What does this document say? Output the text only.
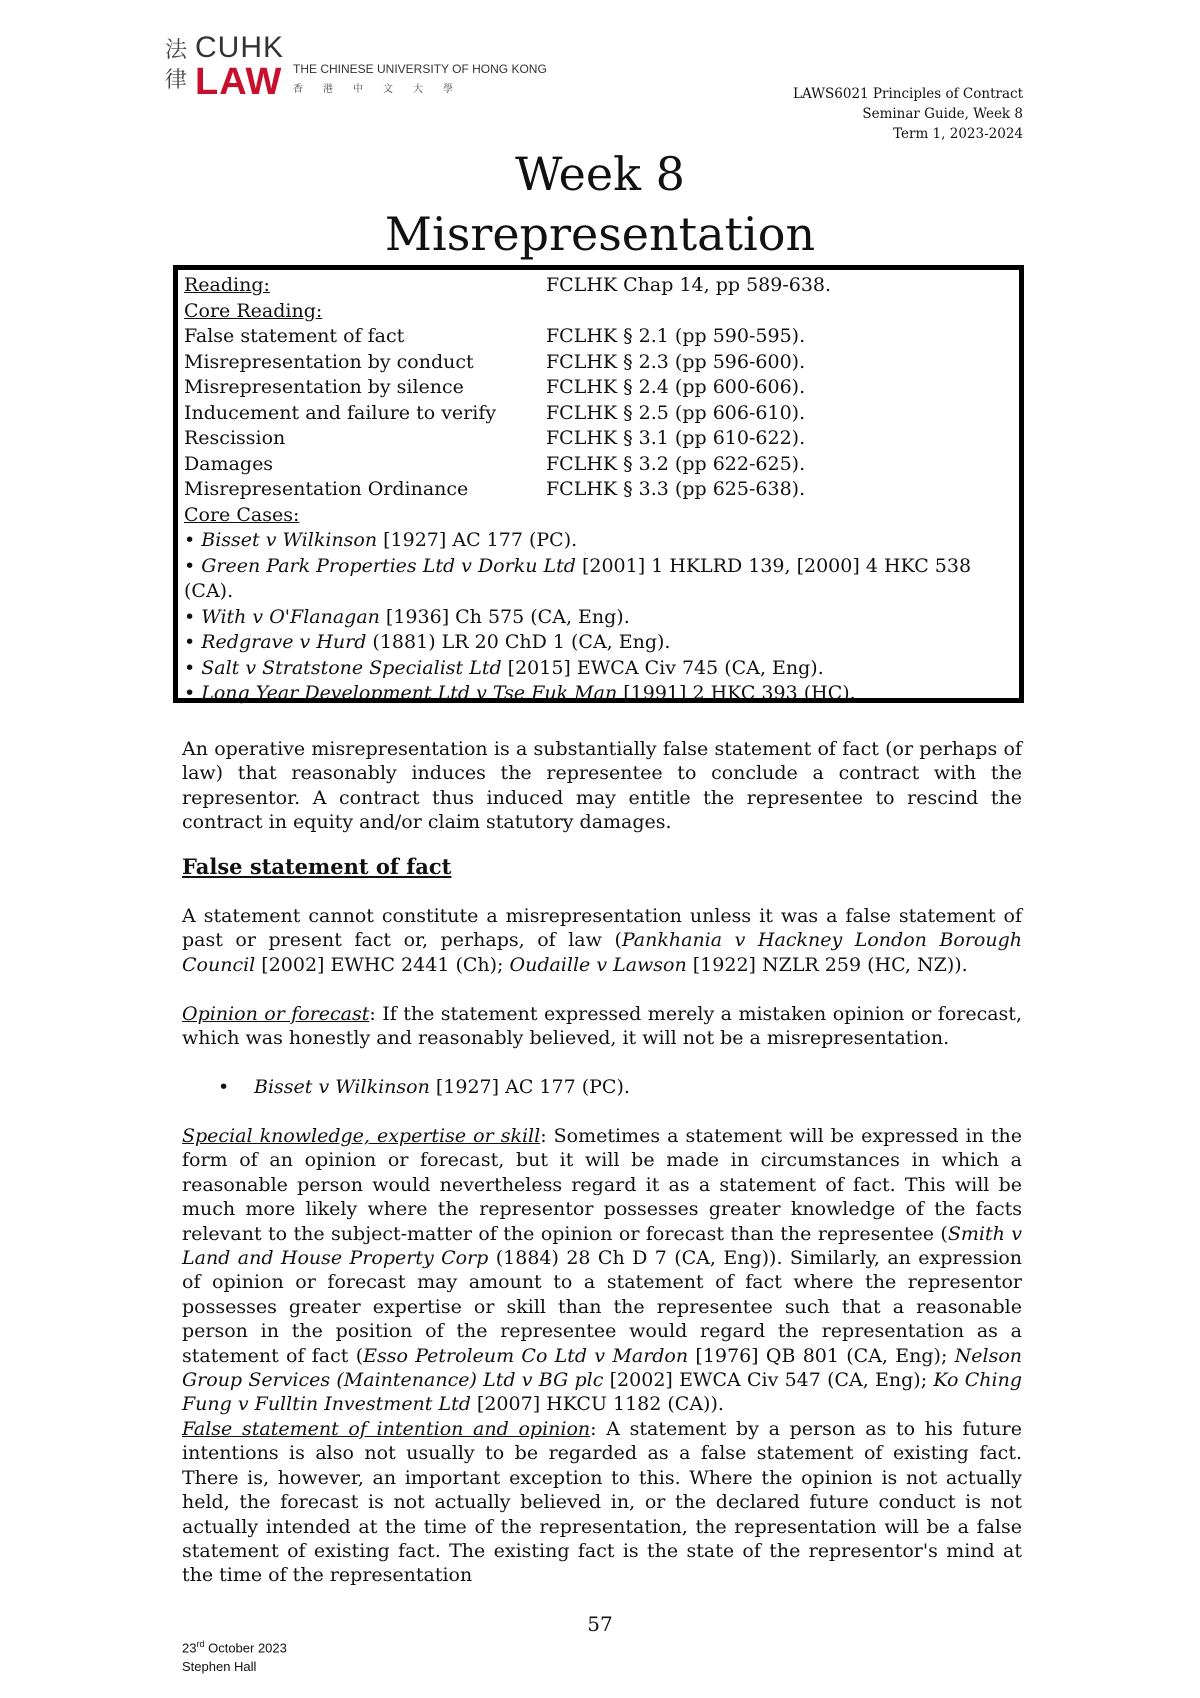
法律
CUHK
LAW THE CHINESE UNIVERSITY OF HONG KONG
香港中文大學	LAWS6021 Principles of Contract
Seminar Guide, Week 8
Term 1, 2023-2024
Week 8
Misrepresentation
Reading:	FCLHK Chap 14, pp 589-638.
Core Reading:
False statement of fact	FCLHK § 2.1 (pp 590-595).
Misrepresentation by conduct	FCLHK § 2.3 (pp 596-600).
Misrepresentation by silence	FCLHK § 2.4 (pp 600-606).
Inducement and failure to verify	FCLHK § 2.5 (pp 606-610).
Rescission	FCLHK § 3.1 (pp 610-622).
Damages	FCLHK § 3.2 (pp 622-625).
Misrepresentation Ordinance	FCLHK § 3.3 (pp 625-638).
Core Cases:
• Bisset v Wilkinson [1927] AC 177 (PC).
• Green Park Properties Ltd v Dorku Ltd [2001] 1 HKLRD 139, [2000] 4 HKC 538 (CA).
• With v O'Flanagan [1936] Ch 575 (CA, Eng).
• Redgrave v Hurd (1881) LR 20 ChD 1 (CA, Eng).
• Salt v Stratstone Specialist Ltd [2015] EWCA Civ 745 (CA, Eng).
• Long Year Development Ltd v Tse Fuk Man [1991] 2 HKC 393 (HC).

An operative misrepresentation is a substantially false statement of fact (or perhaps of law) that reasonably induces the representee to conclude a contract with the representor. A contract thus induced may entitle the representee to rescind the contract in equity and/or claim statutory damages.

False statement of fact

A statement cannot constitute a misrepresentation unless it was a false statement of past or present fact or, perhaps, of law (Pankhania v Hackney London Borough Council [2002] EWHC 2441 (Ch); Oudaille v Lawson [1922] NZLR 259 (HC, NZ)).

Opinion or forecast: If the statement expressed merely a mistaken opinion or forecast, which was honestly and reasonably believed, it will not be a misrepresentation.

• Bisset v Wilkinson [1927] AC 177 (PC).

Special knowledge, expertise or skill: Sometimes a statement will be expressed in the form of an opinion or forecast, but it will be made in circumstances in which a reasonable person would nevertheless regard it as a statement of fact. This will be much more likely where the representor possesses greater knowledge of the facts relevant to the subject-matter of the opinion or forecast than the representee (Smith v Land and House Property Corp (1884) 28 Ch D 7 (CA, Eng)). Similarly, an expression of opinion or forecast may amount to a statement of fact where the representor possesses greater expertise or skill than the representee such that a reasonable person in the position of the representee would regard the representation as a statement of fact (Esso Petroleum Co Ltd v Mardon [1976] QB 801 (CA, Eng); Nelson Group Services (Maintenance) Ltd v BG plc [2002] EWCA Civ 547 (CA, Eng); Ko Ching Fung v Fulltin Investment Ltd [2007] HKCU 1182 (CA)).

False statement of intention and opinion: A statement by a person as to his future intentions is also not usually to be regarded as a false statement of existing fact. There is, however, an important exception to this. Where the opinion is not actually held, the forecast is not actually believed in, or the declared future conduct is not actually intended at the time of the representation, the representation will be a false statement of existing fact. The existing fact is the state of the representor's mind at the time of the representation

57
23rd October 2023
Stephen Hall
